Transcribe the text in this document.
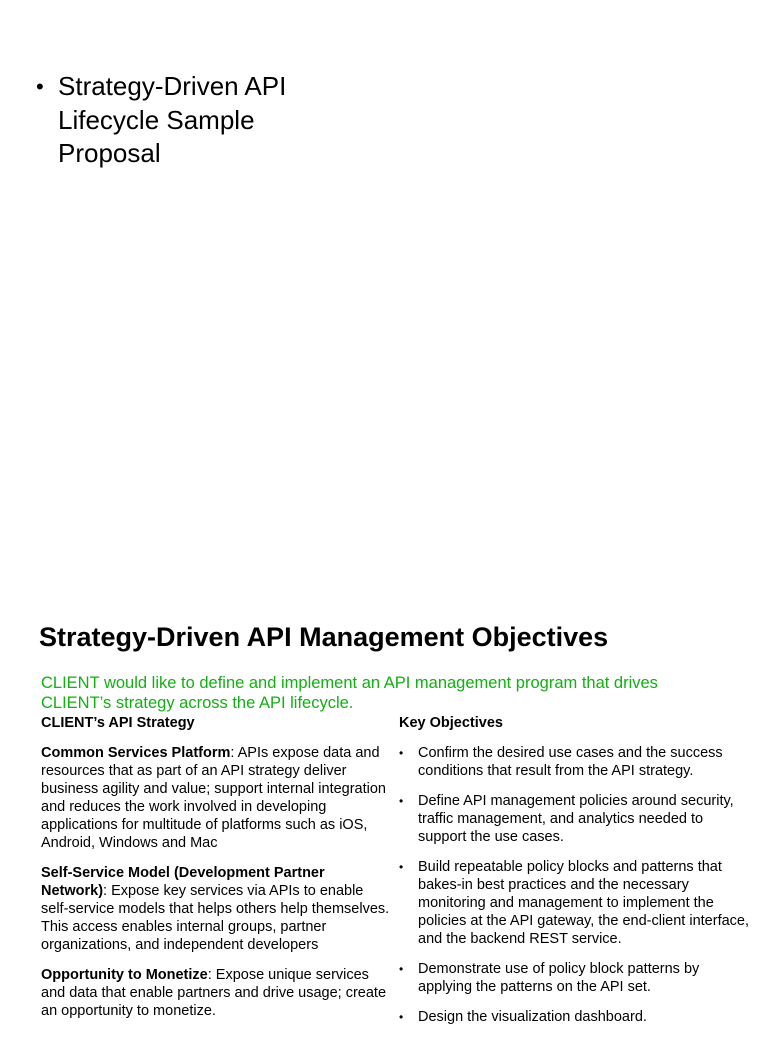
• Strategy-Driven API Lifecycle Sample Proposal
Strategy-Driven API Management Objectives
CLIENT would like to define and implement an API management program that drives CLIENT’s strategy across the API lifecycle.
CLIENT’s API Strategy
Common Services Platform: APIs expose data and resources that as part of an API strategy deliver business agility and value; support internal integration and reduces the work involved in developing applications for multitude of platforms such as iOS, Android, Windows and Mac
Self-Service Model (Development Partner Network): Expose key services via APIs to enable self-service models that helps others help themselves. This access enables internal groups, partner organizations, and independent developers
Opportunity to Monetize: Expose unique services and data that enable partners and drive usage; create an opportunity to monetize.
Key Objectives
•	Confirm the desired use cases and the success conditions that result from the API strategy.
•	Define API management policies around security, traffic management, and analytics needed to support the use cases.
•	Build repeatable policy blocks and patterns that bakes-in best practices and the necessary monitoring and management to implement the policies at the API gateway, the end-client interface, and the backend REST service.
•	Demonstrate use of policy block patterns by applying the patterns on the API set.
•	Design the visualization dashboard.
